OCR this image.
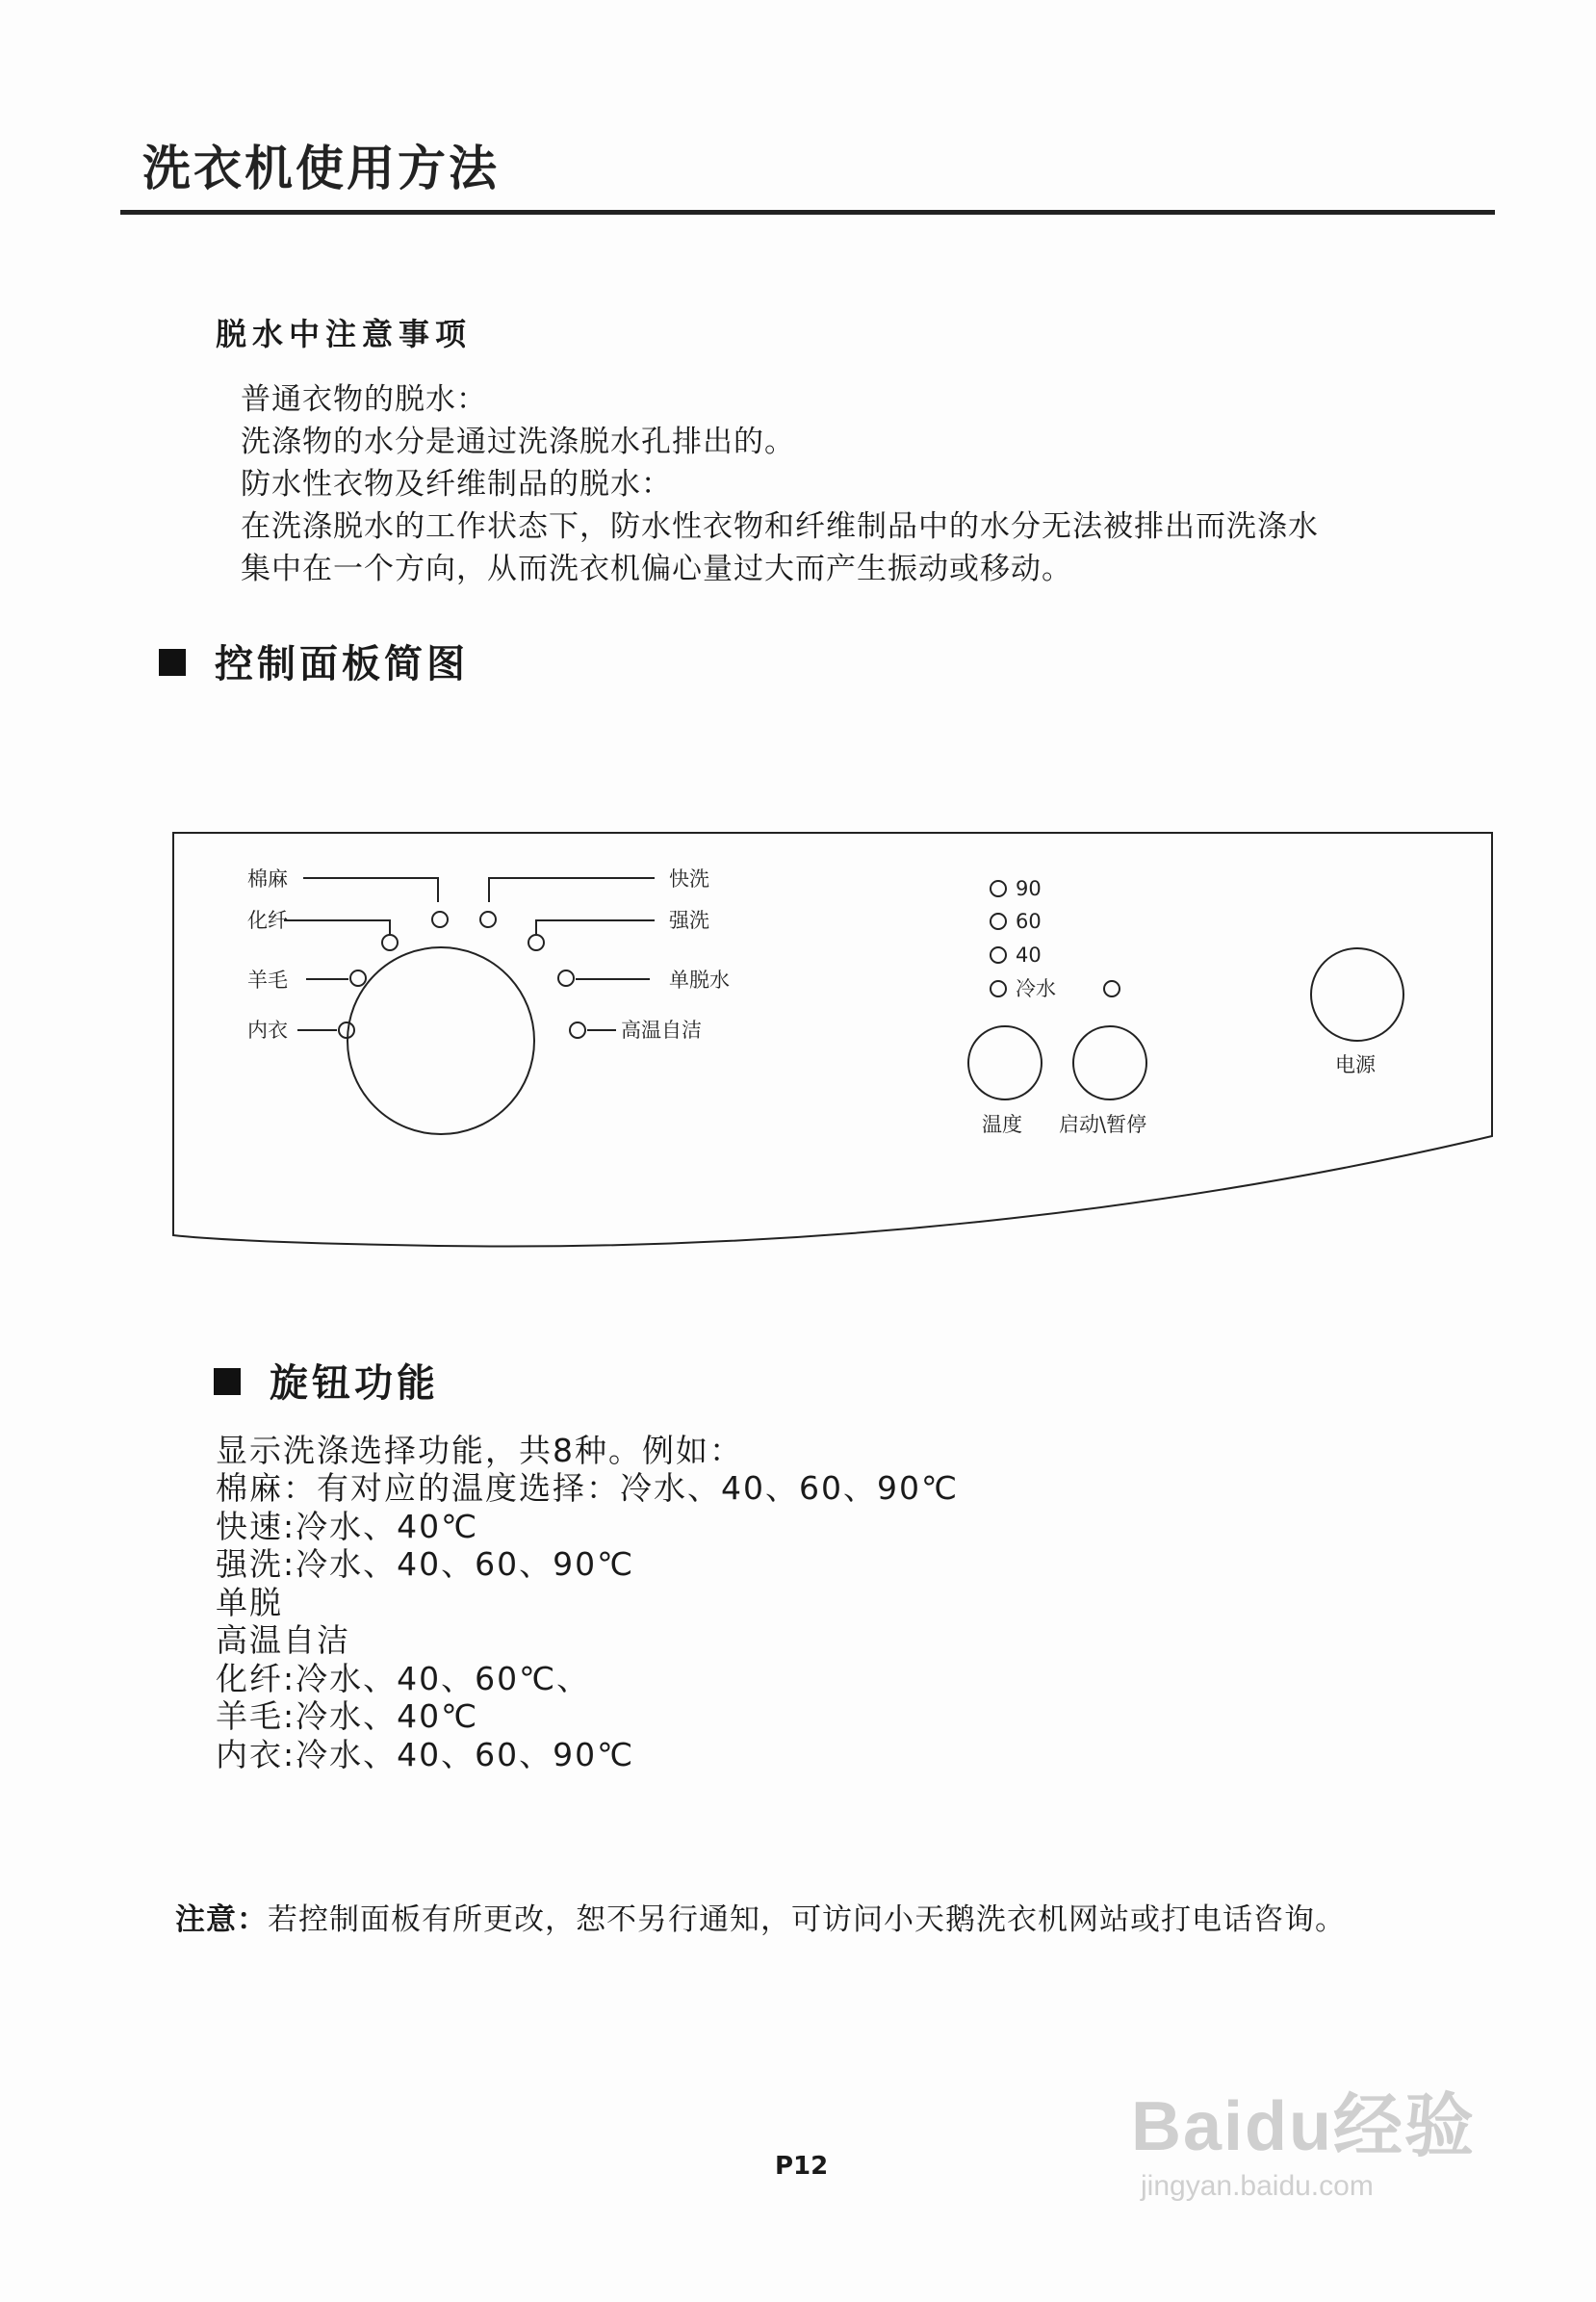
洗衣机使用方法
脱水中注意事项
普通衣物的脱水：
洗涤物的水分是通过洗涤脱水孔排出的。
防水性衣物及纤维制品的脱水：
在洗涤脱水的工作状态下，防水性衣物和纤维制品中的水分无法被排出而洗涤水
集中在一个方向，从而洗衣机偏心量过大而产生振动或移动。
控制面板简图
棉麻
化纤
羊毛
内衣
快洗
强洗
单脱水
高温自洁
90
60
40
冷水
温度 启动\暂停
电源
旋钮功能
显示洗涤选择功能，共8种。例如：
棉麻：有对应的温度选择：冷水、40、60、90℃
快速:冷水、40℃
强洗:冷水、40、60、90℃
单脱
高温自洁
化纤:冷水、40、60℃、
羊毛:冷水、40℃
内衣:冷水、40、60、90℃
注意：若控制面板有所更改，恕不另行通知，可访问小天鹅洗衣机网站或打电话咨询。
P12
Baidu经验
jingyan.baidu.com
